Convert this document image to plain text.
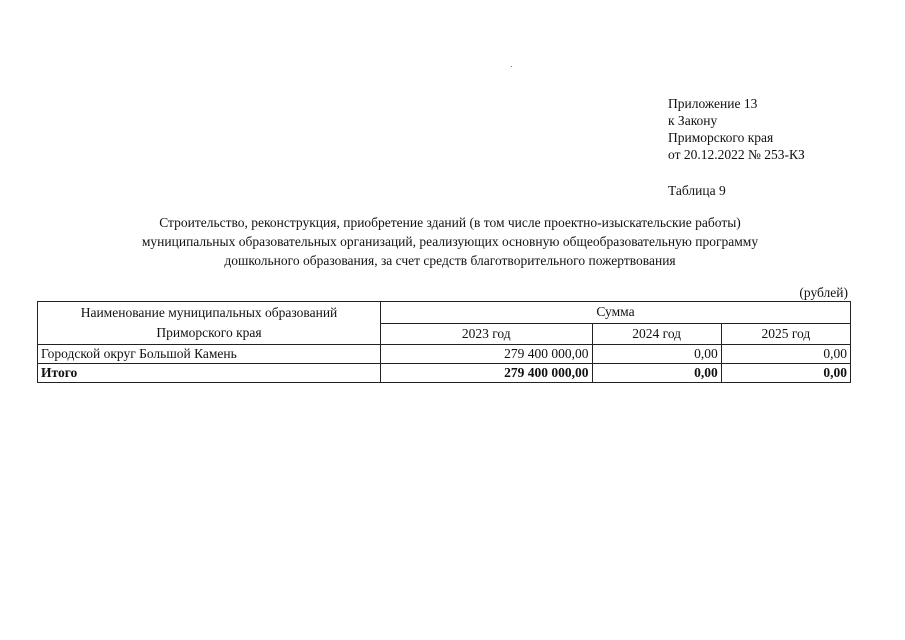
Приложение 13
к Закону
Приморского края
от 20.12.2022 № 253-КЗ
Таблица 9
Строительство, реконструкция, приобретение зданий (в том числе проектно-изыскательские работы)
муниципальных образовательных организаций, реализующих основную общеобразовательную программу
дошкольного образования, за счет средств благотворительного пожертвования
(рублей)
Наименование муниципальных образований Приморского края	Сумма		
	2023 год	2024 год	2025 год
Городской округ Большой Камень	279 400 000,00	0,00	0,00
Итого	279 400 000,00	0,00	0,00
